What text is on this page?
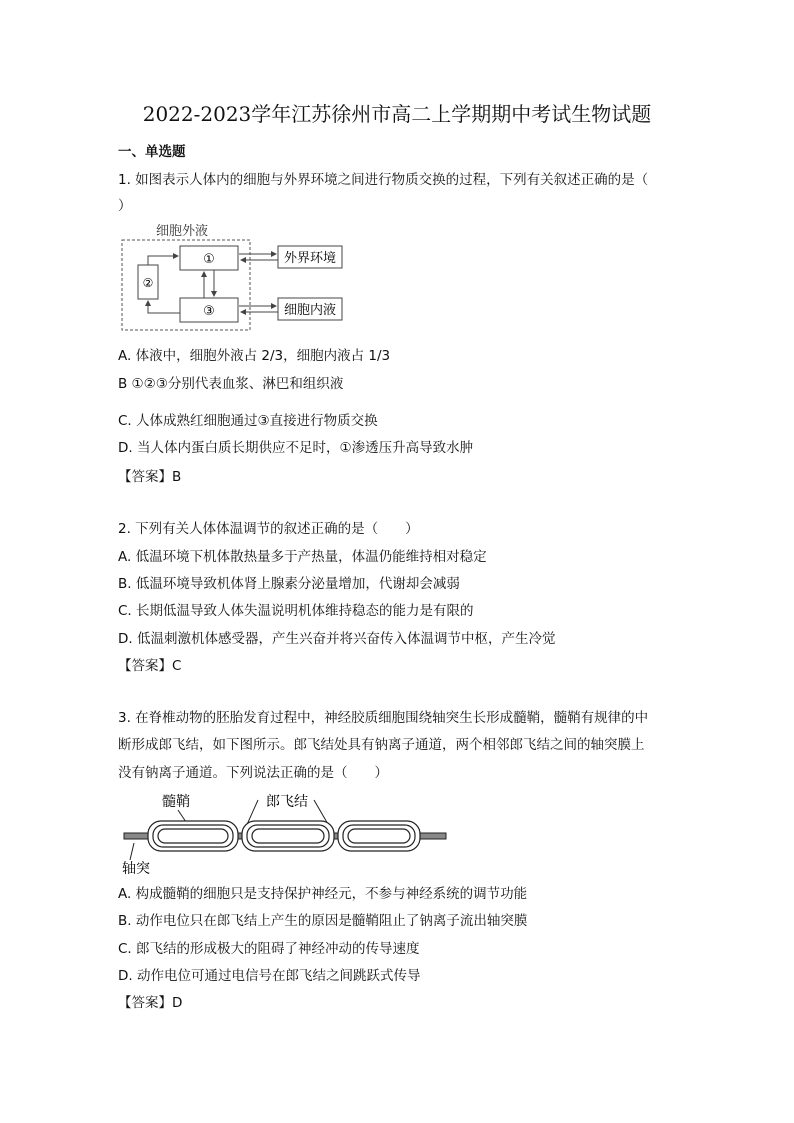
2022-2023学年江苏徐州市高二上学期期中考试生物试题
一、单选题
1. 如图表示人体内的细胞与外界环境之间进行物质交换的过程，下列有关叙述正确的是（
）
细胞外液
①
②
③
外界环境
细胞内液
A. 体液中，细胞外液占 2/3，细胞内液占 1/3
B ①②③分别代表血浆、淋巴和组织液
C. 人体成熟红细胞通过③直接进行物质交换
D. 当人体内蛋白质长期供应不足时，①渗透压升高导致水肿
【答案】B
2. 下列有关人体体温调节的叙述正确的是（　　）
A. 低温环境下机体散热量多于产热量，体温仍能维持相对稳定
B. 低温环境导致机体肾上腺素分泌量增加，代谢却会减弱
C. 长期低温导致人体失温说明机体维持稳态的能力是有限的
D. 低温刺激机体感受器，产生兴奋并将兴奋传入体温调节中枢，产生冷觉
【答案】C
3. 在脊椎动物的胚胎发育过程中，神经胶质细胞围绕轴突生长形成髓鞘，髓鞘有规律的中
断形成郎飞结，如下图所示。郎飞结处具有钠离子通道，两个相邻郎飞结之间的轴突膜上
没有钠离子通道。下列说法正确的是（　　）
髓鞘	郎飞结
轴突
A. 构成髓鞘的细胞只是支持保护神经元，不参与神经系统的调节功能
B. 动作电位只在郎飞结上产生的原因是髓鞘阻止了钠离子流出轴突膜
C. 郎飞结的形成极大的阻碍了神经冲动的传导速度
D. 动作电位可通过电信号在郎飞结之间跳跃式传导
【答案】D
